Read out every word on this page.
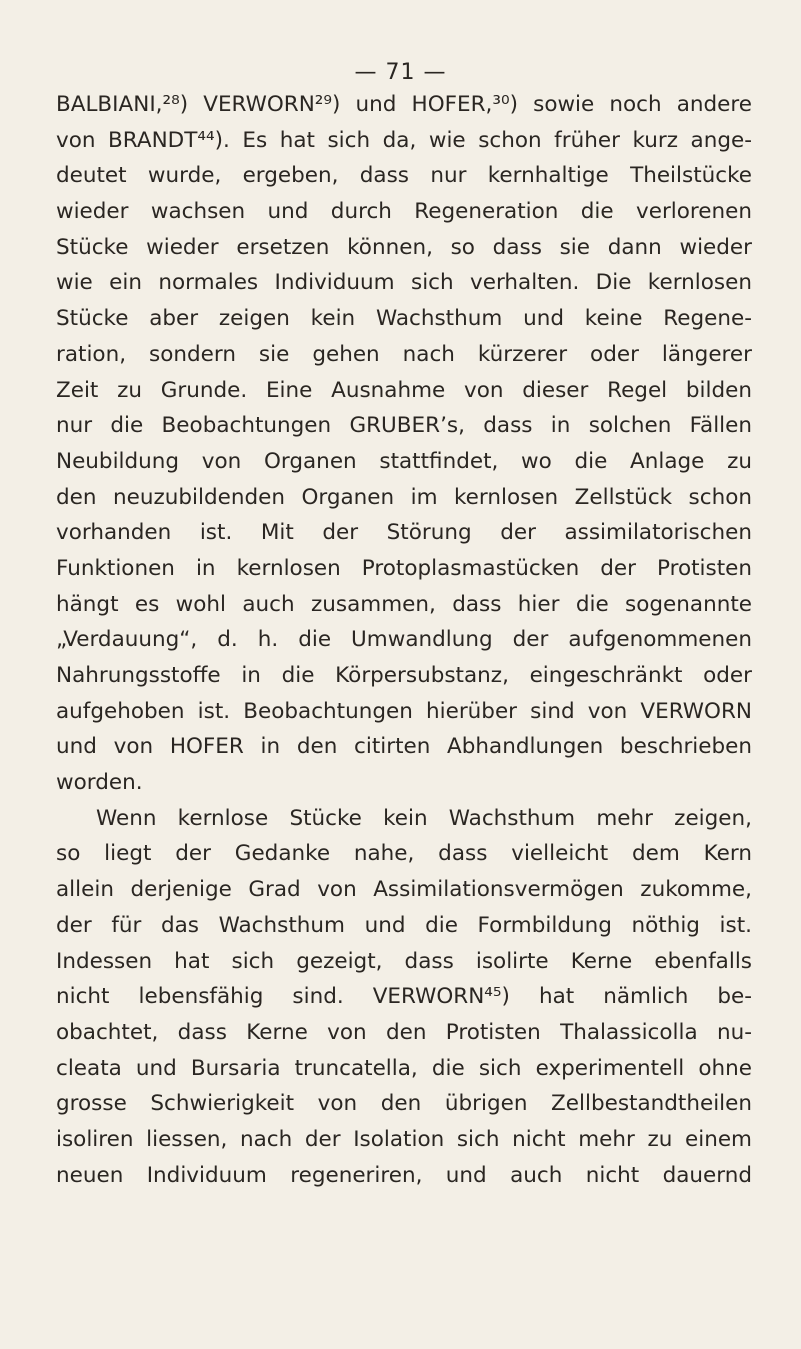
— 71 —
BALBIANI,²⁸) VERWORN²⁹) und HOFER,³⁰) sowie noch andere
von BRANDT⁴⁴). Es hat sich da, wie schon früher kurz ange-
deutet wurde, ergeben, dass nur kernhaltige Theilstücke
wieder wachsen und durch Regeneration die verlorenen
Stücke wieder ersetzen können, so dass sie dann wieder
wie ein normales Individuum sich verhalten. Die kernlosen
Stücke aber zeigen kein Wachsthum und keine Regene-
ration, sondern sie gehen nach kürzerer oder längerer
Zeit zu Grunde. Eine Ausnahme von dieser Regel bilden
nur die Beobachtungen GRUBER’s, dass in solchen Fällen
Neubildung von Organen stattfindet, wo die Anlage zu
den neuzubildenden Organen im kernlosen Zellstück schon
vorhanden ist. Mit der Störung der assimilatorischen
Funktionen in kernlosen Protoplasmastücken der Protisten
hängt es wohl auch zusammen, dass hier die sogenannte
„Verdauung“, d. h. die Umwandlung der aufgenommenen
Nahrungsstoffe in die Körpersubstanz, eingeschränkt oder
aufgehoben ist. Beobachtungen hierüber sind von VERWORN
und von HOFER in den citirten Abhandlungen beschrieben
worden.
Wenn kernlose Stücke kein Wachsthum mehr zeigen,
so liegt der Gedanke nahe, dass vielleicht dem Kern
allein derjenige Grad von Assimilationsvermögen zukomme,
der für das Wachsthum und die Formbildung nöthig ist.
Indessen hat sich gezeigt, dass isolirte Kerne ebenfalls
nicht lebensfähig sind. VERWORN⁴⁵) hat nämlich be-
obachtet, dass Kerne von den Protisten Thalassicolla nu-
cleata und Bursaria truncatella, die sich experimentell ohne
grosse Schwierigkeit von den übrigen Zellbestandtheilen
isoliren liessen, nach der Isolation sich nicht mehr zu einem
neuen Individuum regeneriren, und auch nicht dauernd
